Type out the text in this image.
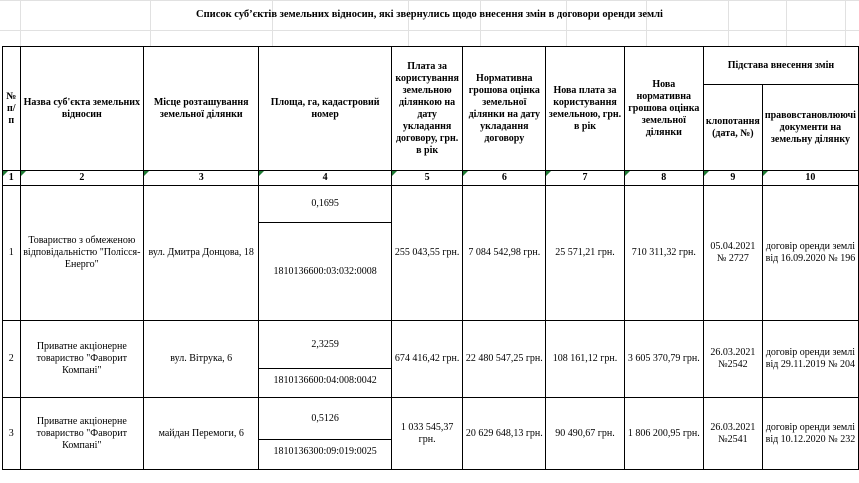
Список суб’єктів земельних відносин, які звернулись щодо внесення змін в договори оренди землі
№ п/п	Назва суб'єкта земельних відносин	Місце розташування земельної ділянки	Площа, га, кадастровий номер	Плата за користування земельною ділянкою на дату укладання договору, грн. в рік	Нормативна грошова оцінка земельної ділянки на дату укладання договору	Нова плата за користування земельною, грн. в рік	Нова нормативна грошова оцінка земельної ділянки	Підстава внесення змін	
								клопотання (дата, №)	правовстановлюючі документи на земельну ділянку

1	2	3	4	5	6	7	8	9	10
1	Товариство з обмеженою відповідальністю "Полісся-Енерго"	вул. Дмитра Донцова, 18	0,1695	255 043,55 грн.	7 084 542,98 грн.	25 571,21 грн.	710 311,32 грн.	05.04.2021 № 2727	договір оренди землі від 16.09.2020 № 196
			1810136600:03:032:0008						
2	Приватне акціонерне товариство "Фаворит Компані"	вул. Вітрука, 6	2,3259	674 416,42 грн.	22 480 547,25 грн.	108 161,12 грн.	3 605 370,79 грн.	26.03.2021 №2542	договір оренди землі від 29.11.2019 № 204
			1810136600:04:008:0042						
3	Приватне акціонерне товариство "Фаворит Компані"	майдан Перемоги, 6	0,5126	1 033 545,37 грн.	20 629 648,13 грн.	90 490,67 грн.	1 806 200,95 грн.	26.03.2021 №2541	договір оренди землі від 10.12.2020 № 232
			1810136300:09:019:0025						
